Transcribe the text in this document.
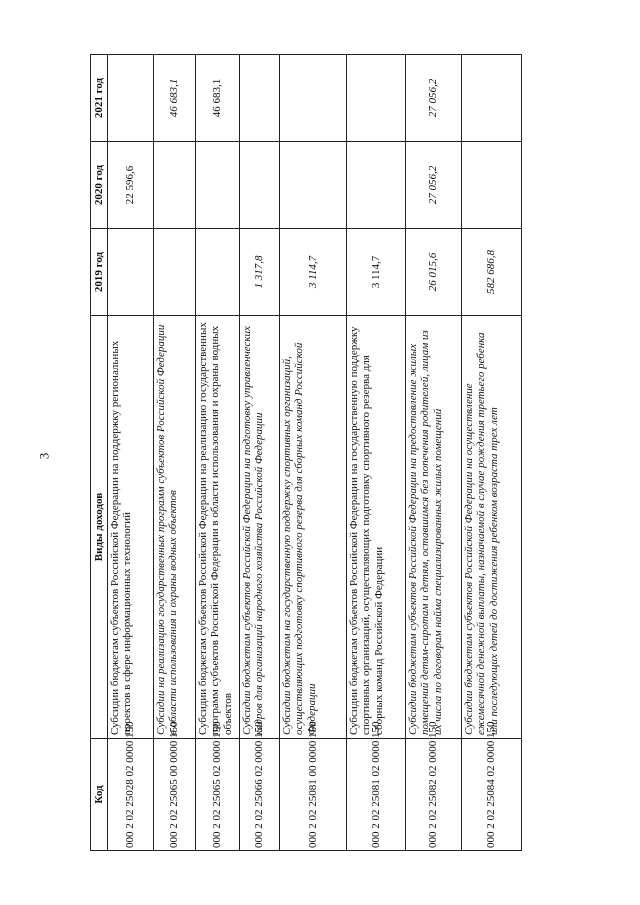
3
Код	Виды доходов	2019 год	2020 год	2021 год
000 2 02 25028 02 0000 150	Субсидии бюджетам субъектов Российской Федерации на поддержку региональных проектов в сфере информационных технологий		22 596,6	
000 2 02 25065 00 0000 150	Субсидии на реализацию государственных программ субъектов Российской Федерации в области использования и охраны водных объектов			46 683,1
000 2 02 25065 02 0000 150	Субсидии бюджетам субъектов Российской Федерации на реализацию государственных программ субъектов Российской Федерации в области использования и охраны водных объектов			46 683,1
000 2 02 25066 02 0000 150	Субсидии бюджетам субъектов Российской Федерации на подготовку управленческих кадров для организаций народного хозяйства Российской Федерации	1 317,8		
000 2 02 25081 00 0000 150	Субсидии бюджетам на государственную поддержку спортивных организаций, осуществляющих подготовку спортивного резерва для сборных команд Российской Федерации	3 114,7		
000 2 02 25081 02 0000 150	Субсидии бюджетам субъектов Российской Федерации на государственную поддержку спортивных организаций, осуществляющих подготовку спортивного резерва для сборных команд Российской Федерации	3 114,7		
000 2 02 25082 02 0000 150	Субсидии бюджетам субъектов Российской Федерации на предоставление жилых помещений детям-сиротам и детям, оставшимся без попечения родителей, лицам из их числа по договорам найма специализированных жилых помещений	26 015,6	27 056,2	27 056,2
000 2 02 25084 02 0000 150	Субсидии бюджетам субъектов Российской Федерации на осуществление ежемесячной денежной выплаты, назначаемой в случае рождения третьего ребенка или последующих детей до достижения ребенком возраста трех лет	582 686,8		
